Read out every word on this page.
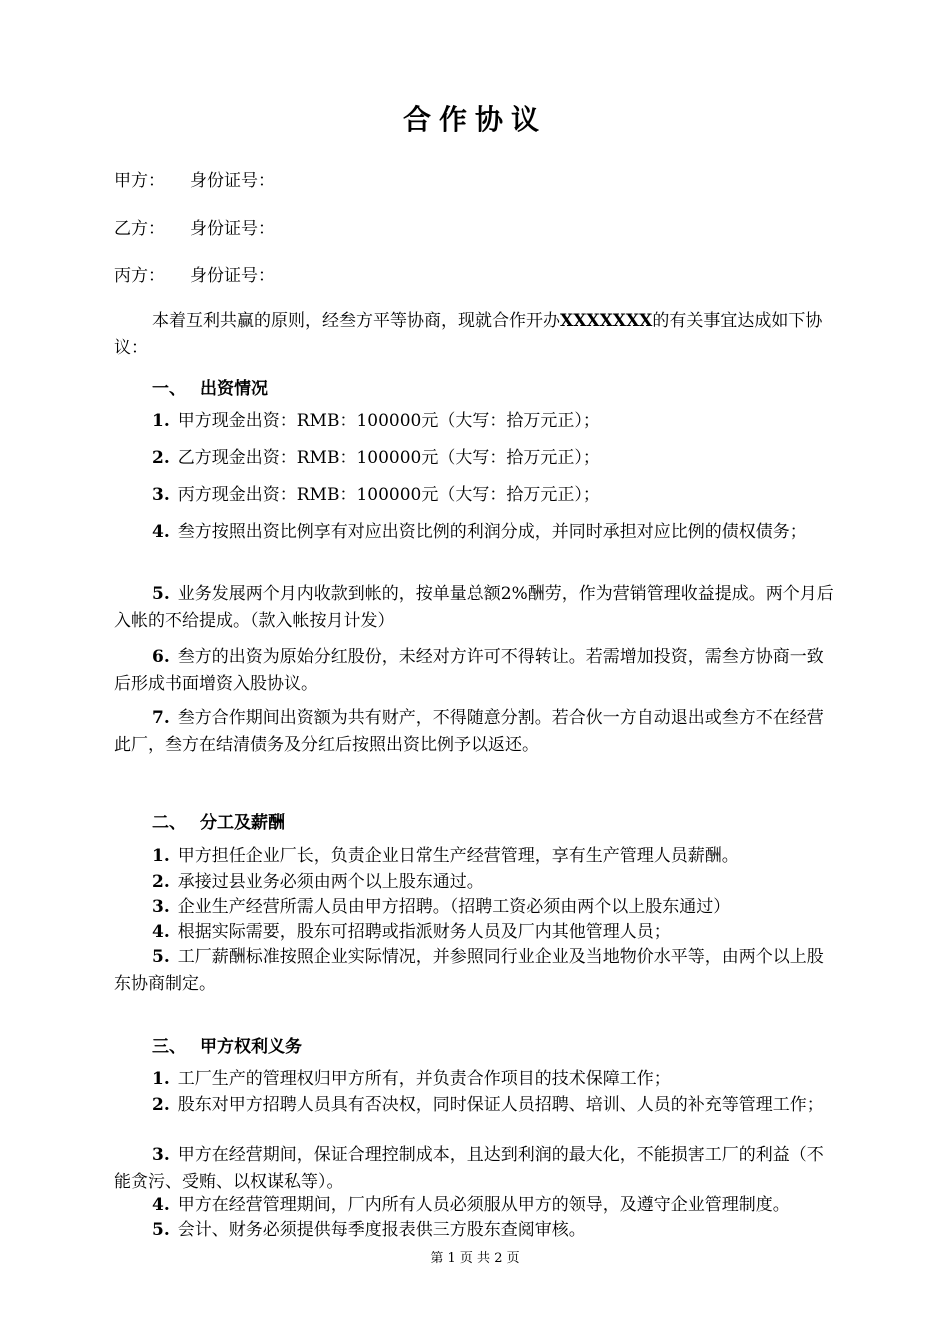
合作协议
甲方： 身份证号：
乙方： 身份证号：
丙方： 身份证号：
本着互利共赢的原则，经叁方平等协商，现就合作开办XXXXXXX的有关事宜达成如下协议：
一、 出资情况
1. 甲方现金出资：RMB：100000元（大写：拾万元正）；
2. 乙方现金出资：RMB：100000元（大写：拾万元正）；
3. 丙方现金出资：RMB：100000元（大写：拾万元正）；
4. 叁方按照出资比例享有对应出资比例的利润分成，并同时承担对应比例的债权债务；
5. 业务发展两个月内收款到帐的，按单量总额2%酬劳，作为营销管理收益提成。两个月后入帐的不给提成。（款入帐按月计发）
6. 叁方的出资为原始分红股份，未经对方许可不得转让。若需增加投资，需叁方协商一致后形成书面增资入股协议。
7. 叁方合作期间出资额为共有财产，不得随意分割。若合伙一方自动退出或叁方不在经营此厂，叁方在结清债务及分红后按照出资比例予以返还。
二、 分工及薪酬
1. 甲方担任企业厂长，负责企业日常生产经营管理，享有生产管理人员薪酬。
2. 承接过县业务必须由两个以上股东通过。
3. 企业生产经营所需人员由甲方招聘。（招聘工资必须由两个以上股东通过）
4. 根据实际需要，股东可招聘或指派财务人员及厂内其他管理人员；
5. 工厂薪酬标准按照企业实际情况，并参照同行业企业及当地物价水平等，由两个以上股东协商制定。
三、 甲方权利义务
1. 工厂生产的管理权归甲方所有，并负责合作项目的技术保障工作；
2. 股东对甲方招聘人员具有否决权，同时保证人员招聘、培训、人员的补充等管理工作；
3. 甲方在经营期间，保证合理控制成本，且达到利润的最大化，不能损害工厂的利益（不能贪污、受贿、以权谋私等）。
4. 甲方在经营管理期间，厂内所有人员必须服从甲方的领导，及遵守企业管理制度。
5. 会计、财务必须提供每季度报表供三方股东查阅审核。
第 1 页 共 2 页
